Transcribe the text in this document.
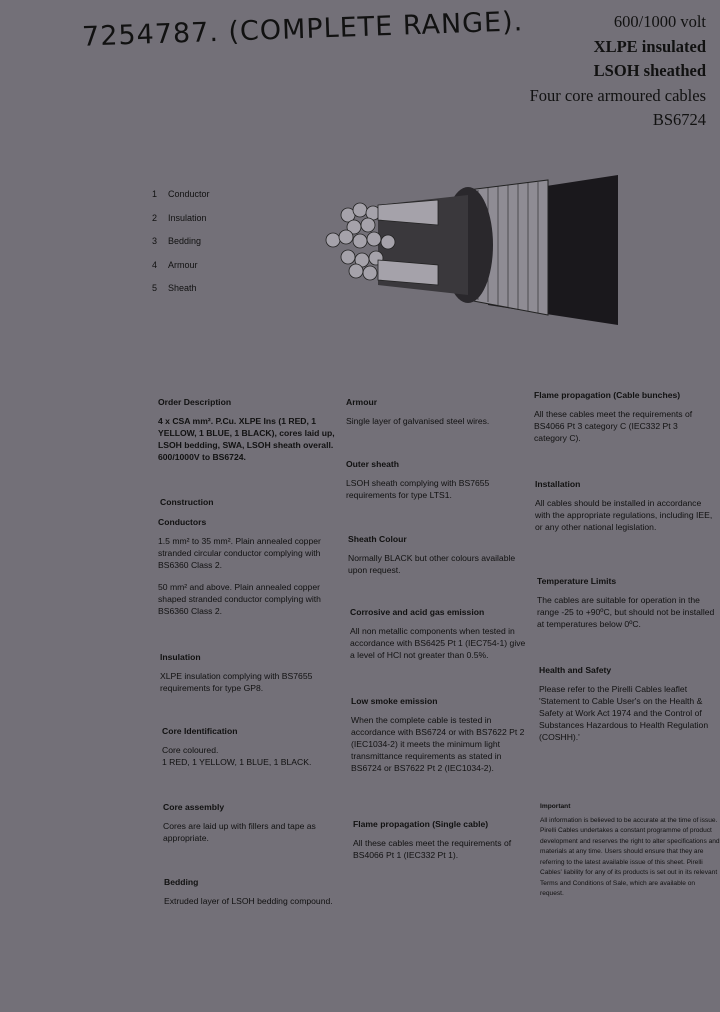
7254787. (COMPLETE RANGE).	600/1000 volt
XLPE insulated
LSOH sheathed
Four core armoured cables
BS6724
1 Conductor
2 Insulation
3 Bedding
4 Armour
5 Sheath
Order Description

4 x CSA mm². P.Cu. XLPE Ins (1 RED, 1 YELLOW, 1 BLUE, 1 BLACK), cores laid up, LSOH bedding, SWA, LSOH sheath overall.

600/1000V to BS6724.

Construction
Conductors

1.5 mm² to 35 mm². Plain annealed copper stranded circular conductor complying with BS6360 Class 2.

50 mm² and above. Plain annealed copper shaped stranded conductor complying with BS6360 Class 2.

Insulation

XLPE insulation complying with BS7655 requirements for type GP8.

Core Identification

Core coloured.

1 RED, 1 YELLOW, 1 BLUE, 1 BLACK.

Core assembly

Cores are laid up with fillers and tape as appropriate.

Bedding

Extruded layer of LSOH bedding compound.

Armour

Single layer of galvanised steel wires.

Outer sheath

LSOH sheath complying with BS7655 requirements for type LTS1.

Sheath Colour

Normally BLACK but other colours available upon request.

Corrosive and acid gas emission

All non metallic components when tested in accordance with BS6425 Pt 1 (IEC754-1) give a level of HCl not greater than 0.5%.

Low smoke emission

When the complete cable is tested in accordance with BS6724 or with BS7622 Pt 2 (IEC1034-2) it meets the minimum light transmittance requirements as stated in BS6724 or BS7622 Pt 2 (IEC1034-2).

Flame propagation (Single cable)

All these cables meet the requirements of BS4066 Pt 1 (IEC332 Pt 1).

Flame propagation (Cable bunches)

All these cables meet the requirements of BS4066 Pt 3 category C (IEC332 Pt 3 category C).

Installation

All cables should be installed in accordance with the appropriate regulations, including IEE, or any other national legislation.

Temperature Limits

The cables are suitable for operation in the range -25 to +90ºC, but should not be installed at temperatures below 0ºC.

Health and Safety

Please refer to the Pirelli Cables leaflet 'Statement to Cable User's on the Health & Safety at Work Act 1974 and the Control of Substances Hazardous to Health Regulation (COSHH).'

Important

All information is believed to be accurate at the time of issue. Pirelli Cables undertakes a constant programme of product development and reserves the right to alter specifications and materials at any time. Users should ensure that they are referring to the latest available issue of this sheet. Pirelli Cables' liability for any of its products is set out in its relevant Terms and Conditions of Sale, which are available on request.
